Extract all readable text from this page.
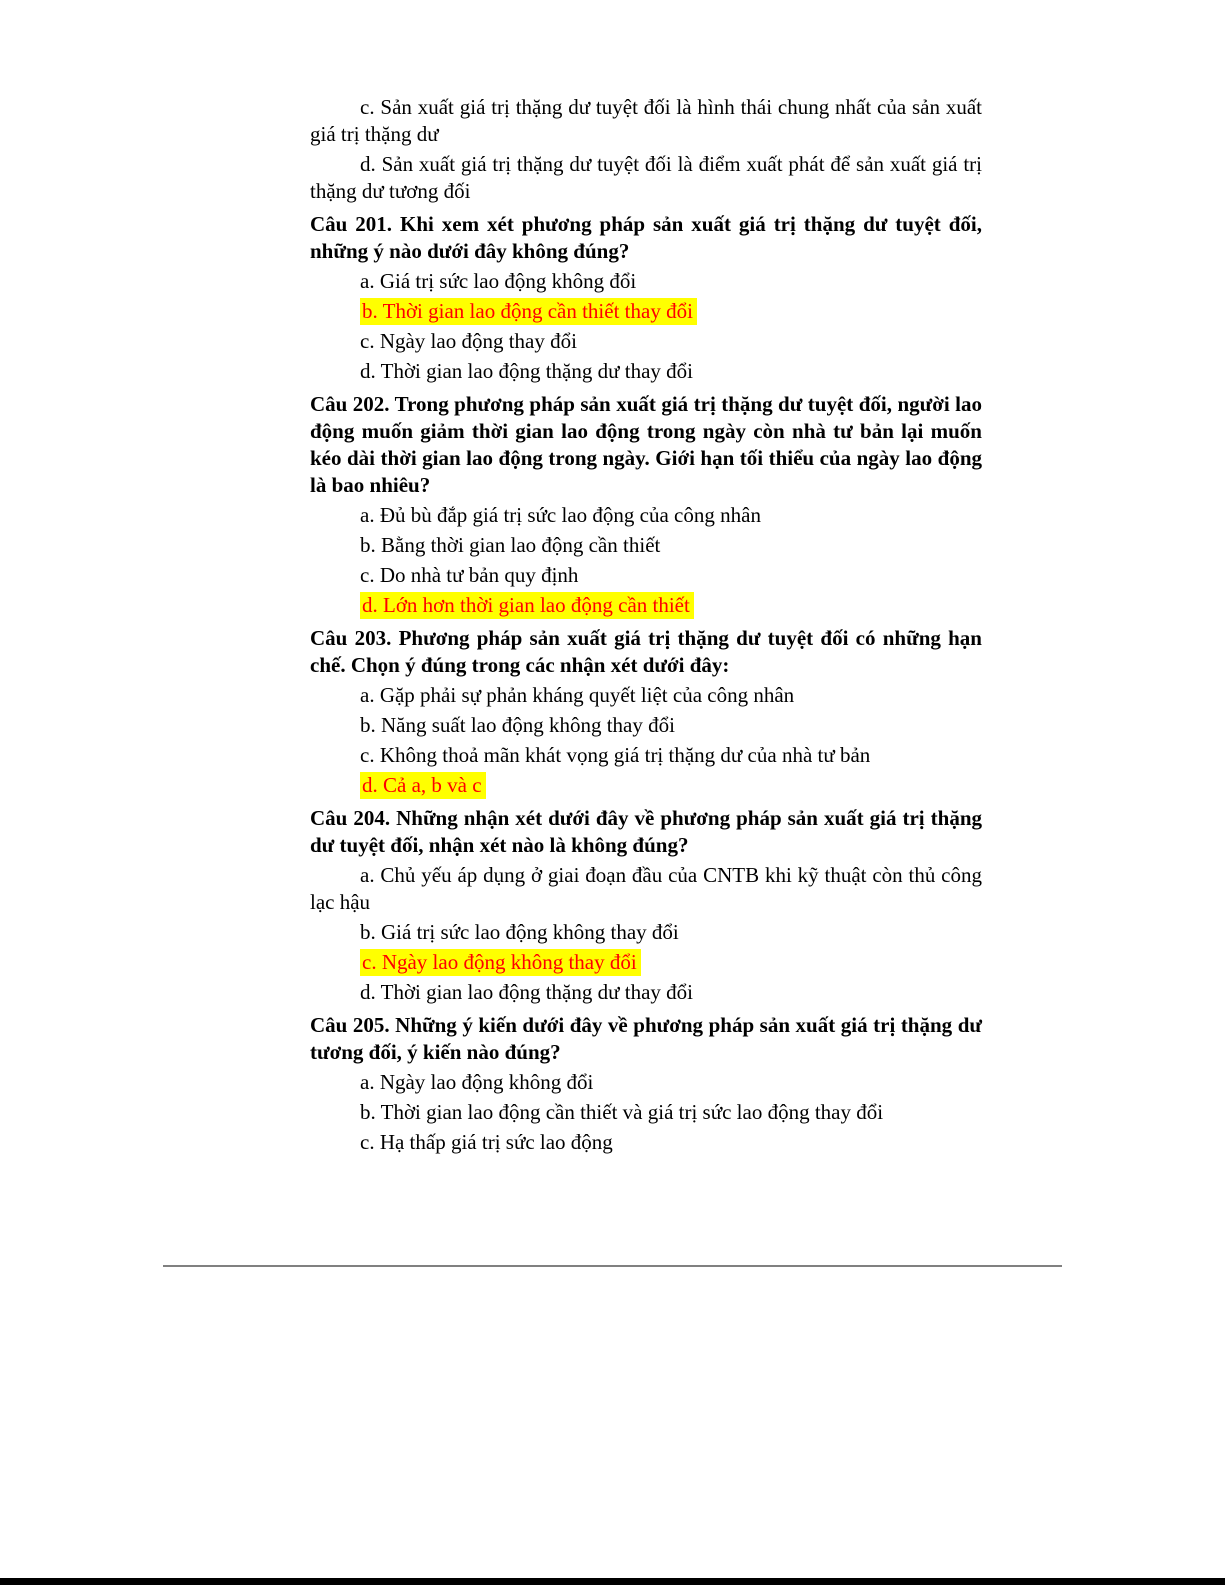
c. Sản xuất giá trị thặng dư tuyệt đối là hình thái chung nhất của sản xuất giá trị thặng dư

d. Sản xuất giá trị thặng dư tuyệt đối là điểm xuất phát để sản xuất giá trị thặng dư tương đối

Câu 201. Khi xem xét phương pháp sản xuất giá trị thặng dư tuyệt đối, những ý nào dưới đây không đúng?

a. Giá trị sức lao động không đổi

b. Thời gian lao động cần thiết thay đổi

c. Ngày lao động thay đổi

d. Thời gian lao động thặng dư thay đổi

Câu 202. Trong phương pháp sản xuất giá trị thặng dư tuyệt đối, người lao động muốn giảm thời gian lao động trong ngày còn nhà tư bản lại muốn kéo dài thời gian lao động trong ngày. Giới hạn tối thiểu của ngày lao động là bao nhiêu?

a. Đủ bù đắp giá trị sức lao động của công nhân

b. Bằng thời gian lao động cần thiết

c. Do nhà tư bản quy định

d. Lớn hơn thời gian lao động cần thiết

Câu 203. Phương pháp sản xuất giá trị thặng dư tuyệt đối có những hạn chế. Chọn ý đúng trong các nhận xét dưới đây:

a. Gặp phải sự phản kháng quyết liệt của công nhân

b. Năng suất lao động không thay đổi

c. Không thoả mãn khát vọng giá trị thặng dư của nhà tư bản

d. Cả a, b và c

Câu 204. Những nhận xét dưới đây về phương pháp sản xuất giá trị thặng dư tuyệt đối, nhận xét nào là không đúng?

a. Chủ yếu áp dụng ở giai đoạn đầu của CNTB khi kỹ thuật còn thủ công lạc hậu

b. Giá trị sức lao động không thay đổi

c. Ngày lao động không thay đổi

d. Thời gian lao động thặng dư thay đổi

Câu 205. Những ý kiến dưới đây về phương pháp sản xuất giá trị thặng dư tương đối, ý kiến nào đúng?

a. Ngày lao động không đổi

b. Thời gian lao động cần thiết và giá trị sức lao động thay đổi

c. Hạ thấp giá trị sức lao động
